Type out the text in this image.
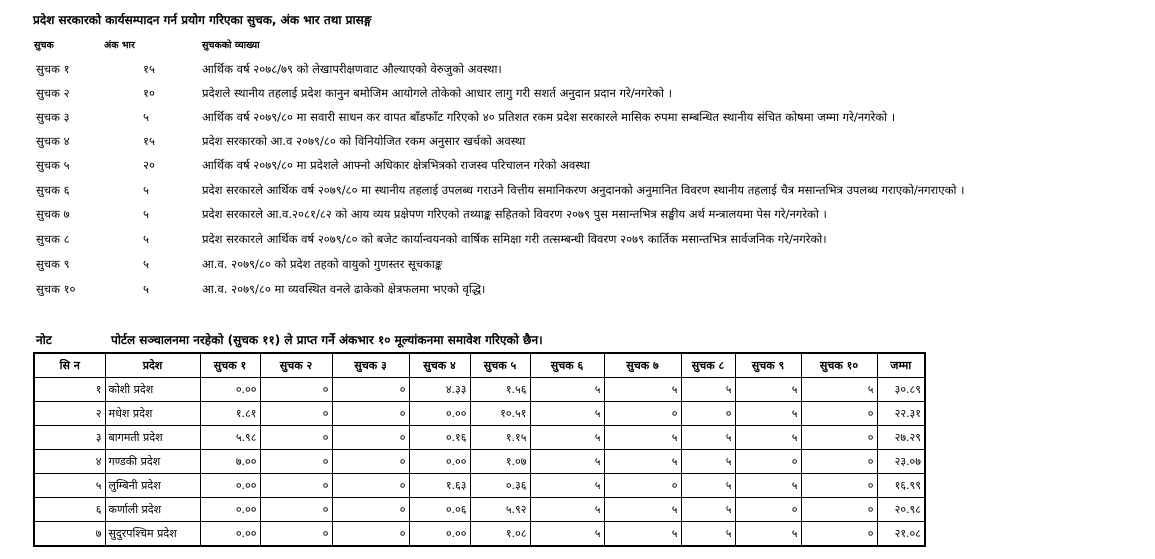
प्रदेश सरकारको कार्यसम्पादन गर्न प्रयोग गरिएका सुचक, अंक भार तथा प्रासङ्ग
सुचक	अंक भार	सुचकको व्याख्या
सुचक १	१५	आर्थिक वर्ष २०७८/७९ को लेखापरीक्षणवाट औल्याएको वेरुजुको अवस्था।
सुचक २	१०	प्रदेशले स्थानीय तहलाई प्रदेश कानुन बमोजिम आयोगले तोकेको आधार लागु गरी सशर्त अनुदान प्रदान गरे/नगरेको ।
सुचक ३	५	आर्थिक वर्ष २०७९/८० मा सवारी साधन कर वापत बाँडफाँट गरिएको ४० प्रतिशत रकम प्रदेश सरकारले मासिक रुपमा सम्बन्धित स्थानीय संचित कोषमा जम्मा गरे/नगरेको ।
सुचक ४	१५	प्रदेश सरकारको आ.व २०७९/८० को विनियोजित रकम अनुसार खर्चको अवस्था
सुचक ५	२०	आर्थिक वर्ष २०७९/८० मा प्रदेशले आफ्नो अधिकार क्षेत्रभित्रको राजस्व परिचालन गरेको अवस्था
सुचक ६	५	प्रदेश सरकारले आर्थिक वर्ष २०७९/८० मा स्थानीय तहलाई उपलब्ध गराउने वित्तीय समानिकरण अनुदानको अनुमानित विवरण स्थानीय तहलाई चैत्र मसान्तभित्र उपलब्ध गराएको/नगराएको ।
सुचक ७	५	प्रदेश सरकारले आ.व.२०८१/८२ को आय व्यय प्रक्षेपण गरिएको तथ्याङ्क सहितको विवरण २०७९ पुस मसान्तभित्र सङ्घीय अर्थ मन्त्रालयमा पेस गरे/नगरेको ।
सुचक ८	५	प्रदेश सरकारले आर्थिक वर्ष २०७९/८० को बजेट कार्यान्वयनको वार्षिक समिक्षा गरी तत्सम्बन्धी विवरण २०७९ कार्तिक मसान्तभित्र सार्वजनिक गरे/नगरेको।
सुचक ९	५	आ.व. २०७९/८० को प्रदेश तहको वायुको गुणस्तर सूचकाङ्क
सुचक १०	५	आ.व. २०७९/८० मा व्यवस्थित वनले ढाकेको क्षेत्रफलमा भएको वृद्धि।
नोट	पोर्टल सञ्चालनमा नरहेको (सुचक ११) ले प्राप्त गर्ने अंकभार १० मूल्यांकनमा समावेश गरिएको छैन।
सि न	प्रदेश	सुचक १	सुचक २	सुचक ३	सुचक ४	सुचक ५	सुचक ६	सुचक ७	सुचक ८	सुचक ९	सुचक १०	जम्मा
१	कोशी प्रदेश	०.००	०	०	४.३३	१.५६	५	५	५	५	५	३०.८९
२	मधेश प्रदेश	१.८१	०	०	०.००	१०.५१	५	०	०	५	०	२२.३१
३	बागमती प्रदेश	५.९८	०	०	०.१६	१.१५	५	५	५	५	०	२७.२९
४	गण्डकी प्रदेश	७.००	०	०	०.००	१.०७	५	५	५	०	०	२३.०७
५	लुम्बिनी प्रदेश	०.००	०	०	१.६३	०.३६	५	०	५	५	०	१६.९९
६	कर्णाली प्रदेश	०.००	०	०	०.०६	५.९२	५	५	५	०	०	२०.९८
७	सुदुरपश्चिम प्रदेश	०.००	०	०	०.००	१.०८	५	५	५	५	०	२१.०८
